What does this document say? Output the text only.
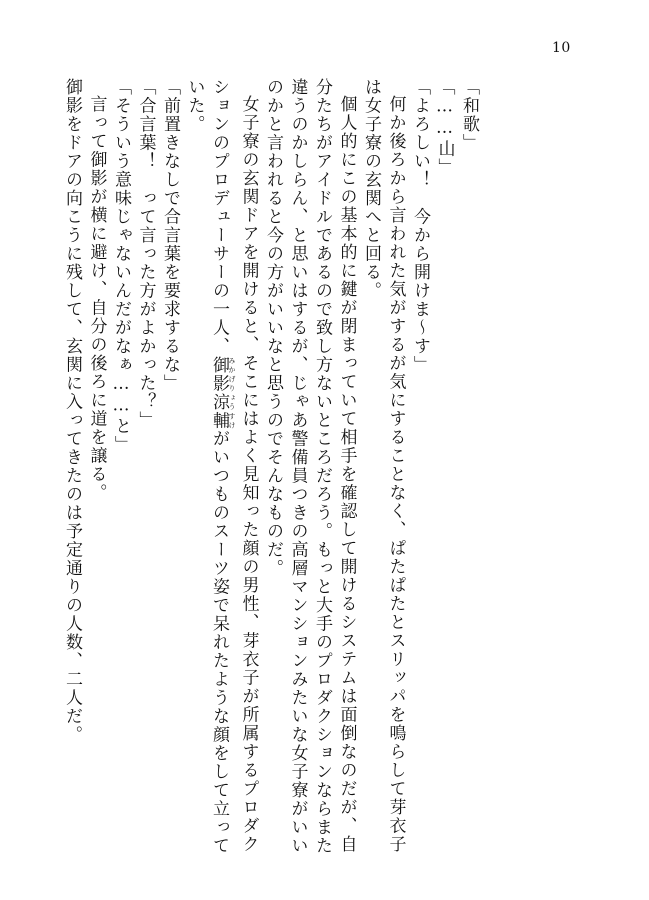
10
「和歌」
「……山」
「よろしい！　今から開けま〜す」
何か後ろから言われた気がするが気にすることなく、ぱたぱたとスリッパを鳴らして芽衣子
は女子寮の玄関へと回る。
個人的にこの基本的に鍵が閉まっていて相手を確認して開けるシステムは面倒なのだが、自
分たちがアイドルであるので致し方ないところだろう。もっと大手のプロダクションならまた
違うのかしらん、と思いはするが、じゃあ警備員つきの高層マンションみたいな女子寮がいい
のかと言われると今の方がいいなと思うのでそんなものだ。
女子寮の玄関ドアを開けると、そこにはよく見知った顔の男性、芽衣子が所属するプロダク
ションのプロデューサーの一人、御影涼輔 みかげりょうすけがいつものスーツ姿で呆れたような顔をして立って
いた。
「前置きなしで合言葉を要求するな」
「合言葉！　って言った方がよかった？」
「そういう意味じゃないんだがなぁ……と」
言って御影が横に避け、自分の後ろに道を譲る。
御影をドアの向こうに残して、玄関に入ってきたのは予定通りの人数、二人だ。
